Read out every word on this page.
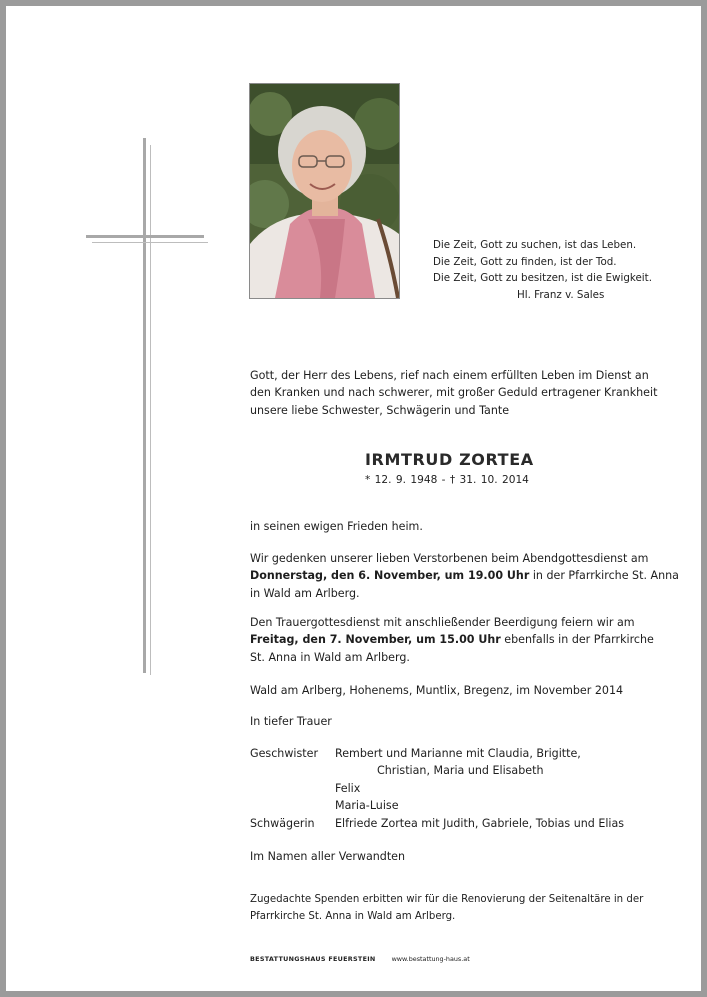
Die Zeit, Gott zu suchen, ist das Leben.
Die Zeit, Gott zu finden, ist der Tod.
Die Zeit, Gott zu besitzen, ist die Ewigkeit.
Hl. Franz v. Sales
Gott, der Herr des Lebens, rief nach einem erfüllten Leben im Dienst an
den Kranken und nach schwerer, mit großer Geduld ertragener Krankheit
unsere liebe Schwester, Schwägerin und Tante
IRMTRUD ZORTEA
* 12. 9. 1948 - † 31. 10. 2014
in seinen ewigen Frieden heim.
Wir gedenken unserer lieben Verstorbenen beim Abendgottesdienst am
Donnerstag, den 6. November, um 19.00 Uhr in der Pfarrkirche St. Anna
in Wald am Arlberg.
Den Trauergottesdienst mit anschließender Beerdigung feiern wir am
Freitag, den 7. November, um 15.00 Uhr ebenfalls in der Pfarrkirche
St. Anna in Wald am Arlberg.
Wald am Arlberg, Hohenems, Muntlix, Bregenz, im November 2014
In tiefer Trauer
Geschwister Rembert und Marianne mit Claudia, Brigitte,
Christian, Maria und Elisabeth
Felix
Maria-Luise
Schwägerin Elfriede Zortea mit Judith, Gabriele, Tobias und Elias
Im Namen aller Verwandten
Zugedachte Spenden erbitten wir für die Renovierung der Seitenaltäre in der
Pfarrkirche St. Anna in Wald am Arlberg.
BESTATTUNGSHAUS FEUERSTEIN	www.bestattung-haus.at
